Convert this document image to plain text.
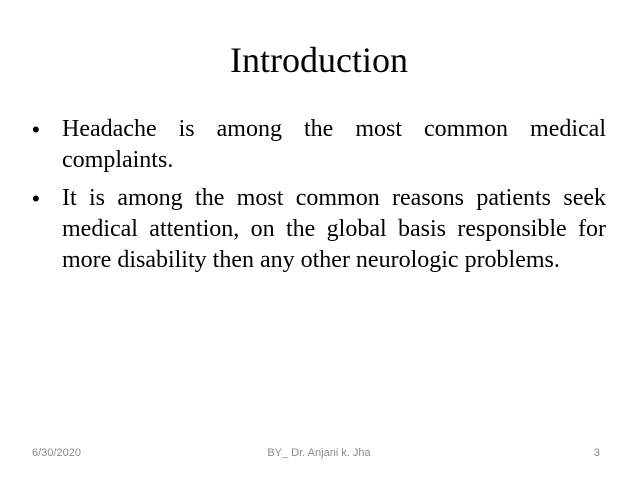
Introduction
• Headache is among the most common medical complaints.
• It is among the most common reasons patients seek medical attention, on the global basis responsible for more disability then any other neurologic problems.
6/30/2020	BY_ Dr. Anjani k. Jha	3
